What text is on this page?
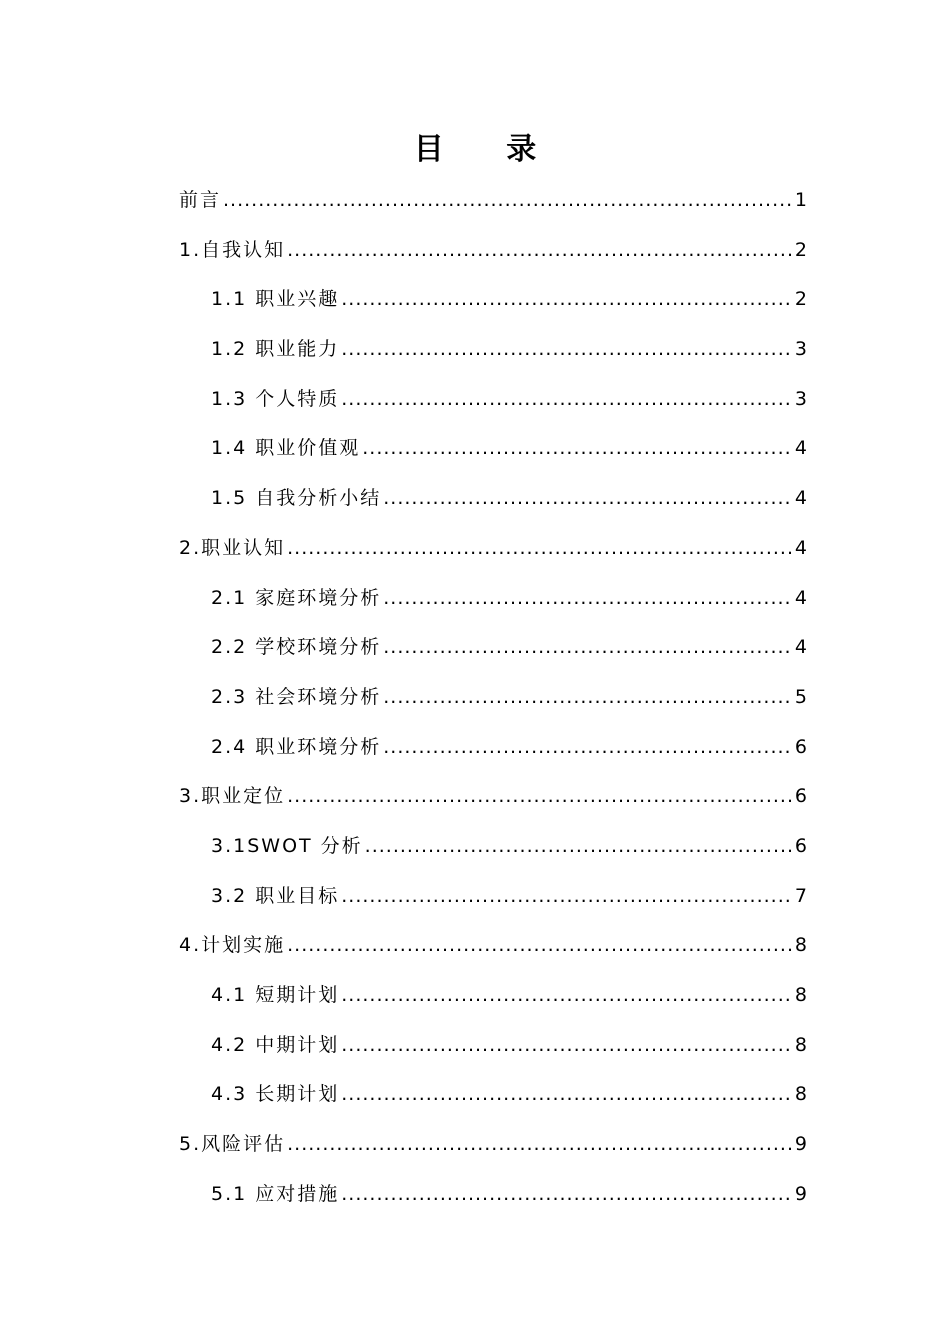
目 录
前言 .....	1
1.自我认知 .....	2
1.1 职业兴趣 .....	2
1.2 职业能力 .....	3
1.3 个人特质 .....	3
1.4 职业价值观 .....	4
1.5 自我分析小结 .....	4
2.职业认知 .....	4
2.1 家庭环境分析 .....	4
2.2 学校环境分析 .....	4
2.3 社会环境分析 .....	5
2.4 职业环境分析 .....	6
3.职业定位 .....	6
3.1SWOT 分析 .....	6
3.2 职业目标 .....	7
4.计划实施 .....	8
4.1 短期计划 .....	8
4.2 中期计划 .....	8
4.3 长期计划 .....	8
5.风险评估 .....	9
5.1 应对措施 .....	9
